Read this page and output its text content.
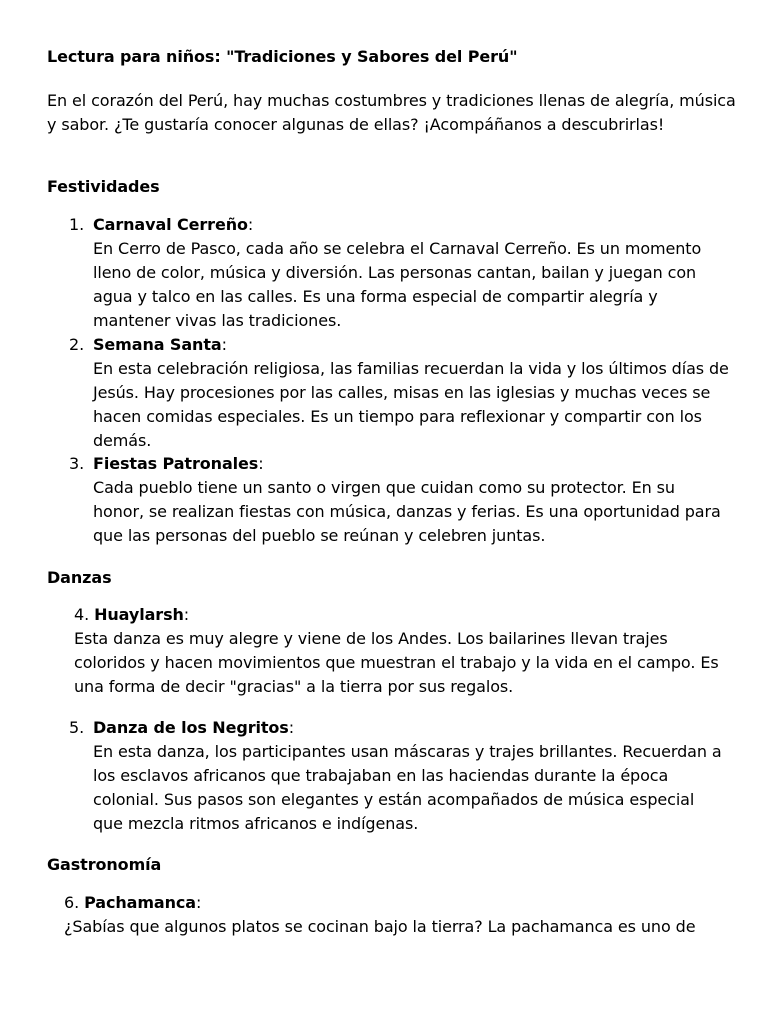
Lectura para niños: "Tradiciones y Sabores del Perú"
En el corazón del Perú, hay muchas costumbres y tradiciones llenas de alegría, música y sabor. ¿Te gustaría conocer algunas de ellas? ¡Acompáñanos a descubrirlas!
Festividades
1. Carnaval Cerreño:
En Cerro de Pasco, cada año se celebra el Carnaval Cerreño. Es un momento lleno de color, música y diversión. Las personas cantan, bailan y juegan con agua y talco en las calles. Es una forma especial de compartir alegría y mantener vivas las tradiciones.
2. Semana Santa:
En esta celebración religiosa, las familias recuerdan la vida y los últimos días de Jesús. Hay procesiones por las calles, misas en las iglesias y muchas veces se hacen comidas especiales. Es un tiempo para reflexionar y compartir con los demás.
3. Fiestas Patronales:
Cada pueblo tiene un santo o virgen que cuidan como su protector. En su honor, se realizan fiestas con música, danzas y ferias. Es una oportunidad para que las personas del pueblo se reúnan y celebren juntas.
Danzas
4. Huaylarsh:
Esta danza es muy alegre y viene de los Andes. Los bailarines llevan trajes coloridos y hacen movimientos que muestran el trabajo y la vida en el campo. Es una forma de decir "gracias" a la tierra por sus regalos.
5. Danza de los Negritos:
En esta danza, los participantes usan máscaras y trajes brillantes. Recuerdan a los esclavos africanos que trabajaban en las haciendas durante la época colonial. Sus pasos son elegantes y están acompañados de música especial que mezcla ritmos africanos e indígenas.
Gastronomía
6. Pachamanca:
¿Sabías que algunos platos se cocinan bajo la tierra? La pachamanca es uno de
